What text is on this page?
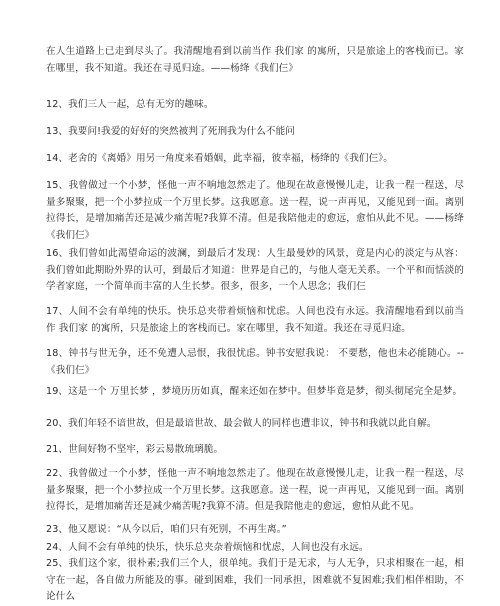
在人生道路上已走到尽头了。我清醒地看到以前当作 我们家 的寓所，只是旅途上的客栈而已。家在哪里，我不知道。我还在寻觅归途。——杨绛《我们仨》

12、我们三人一起，总有无穷的趣味。

13、我要问!我爱的好好的突然被判了死刑我为什么不能问

14、老舍的《离婚》用另一角度来看婚姻，此幸福，彼幸福，杨绛的《我们仨》。

15、我曾做过一个小梦，怪他一声不响地忽然走了。他现在故意慢慢儿走，让我一程一程送，尽量多聚聚，把一个小梦拉成一个万里长梦。这我愿意。送一程，说一声再见，又能见到一面。离别拉得长，是增加痛苦还是减少痛苦呢?我算不清。但是我陪他走的愈远，愈怕从此不见。——杨绛《我们仨》

16、我们曾如此渴望命运的波澜，到最后才发现：人生最曼妙的风景，竟是内心的淡定与从容：我们曾如此期盼外界的认可，到最后才知道：世界是自己的，与他人毫无关系。一个平和而恬淡的学者家庭，一个简单而丰富的人生长梦。很多，很多，一个人思念；我们仨

17、人间不会有单纯的快乐。快乐总夹带着烦恼和忧虑。人间也没有永远。我清醒地看到以前当作 我们家 的寓所，只是旅途上的客栈而已。家在哪里，我不知道。我还在寻觅归途。

18、钟书与世无争，还不免遭人忌恨，我很忧虑。钟书安慰我说： 不要愁，他也未必能随心。--《我们仨》

19、这是一个 万里长梦 ，梦境历历如真，醒来还如在梦中。但梦毕竟是梦，彻头彻尾完全是梦。

20、我们年轻不谙世故，但是最谙世故、最会做人的同样也遭非议，钟书和我就以此自解。

21、世间好物不坚牢，彩云易散琉璃脆。

22、我曾做过一个小梦，怪他一声不响地忽然走了。他现在故意慢慢儿走，让我一程一程送，尽量多聚聚，把一个小梦拉成一个万里长梦。这我愿意。送一程，说一声再见，又能见到一面。离别拉得长，是增加痛苦还是减少痛苦呢?我算不清。但是我陪他走的愈远，愈怕从此不见。

23、他又愿说：“从今以后，咱们只有死别，不再生离。”

24、人间不会有单纯的快乐，快乐总夹杂着烦恼和忧虑，人间也没有永远。

25、我们这个家，很朴素;我们三个人，很单纯。我们于是无求，与人无争，只求相聚在一起，相守在一起，各自做力所能及的事。碰到困难，我们一同承担，困难就不复困难;我们相伴相助，不论什么
